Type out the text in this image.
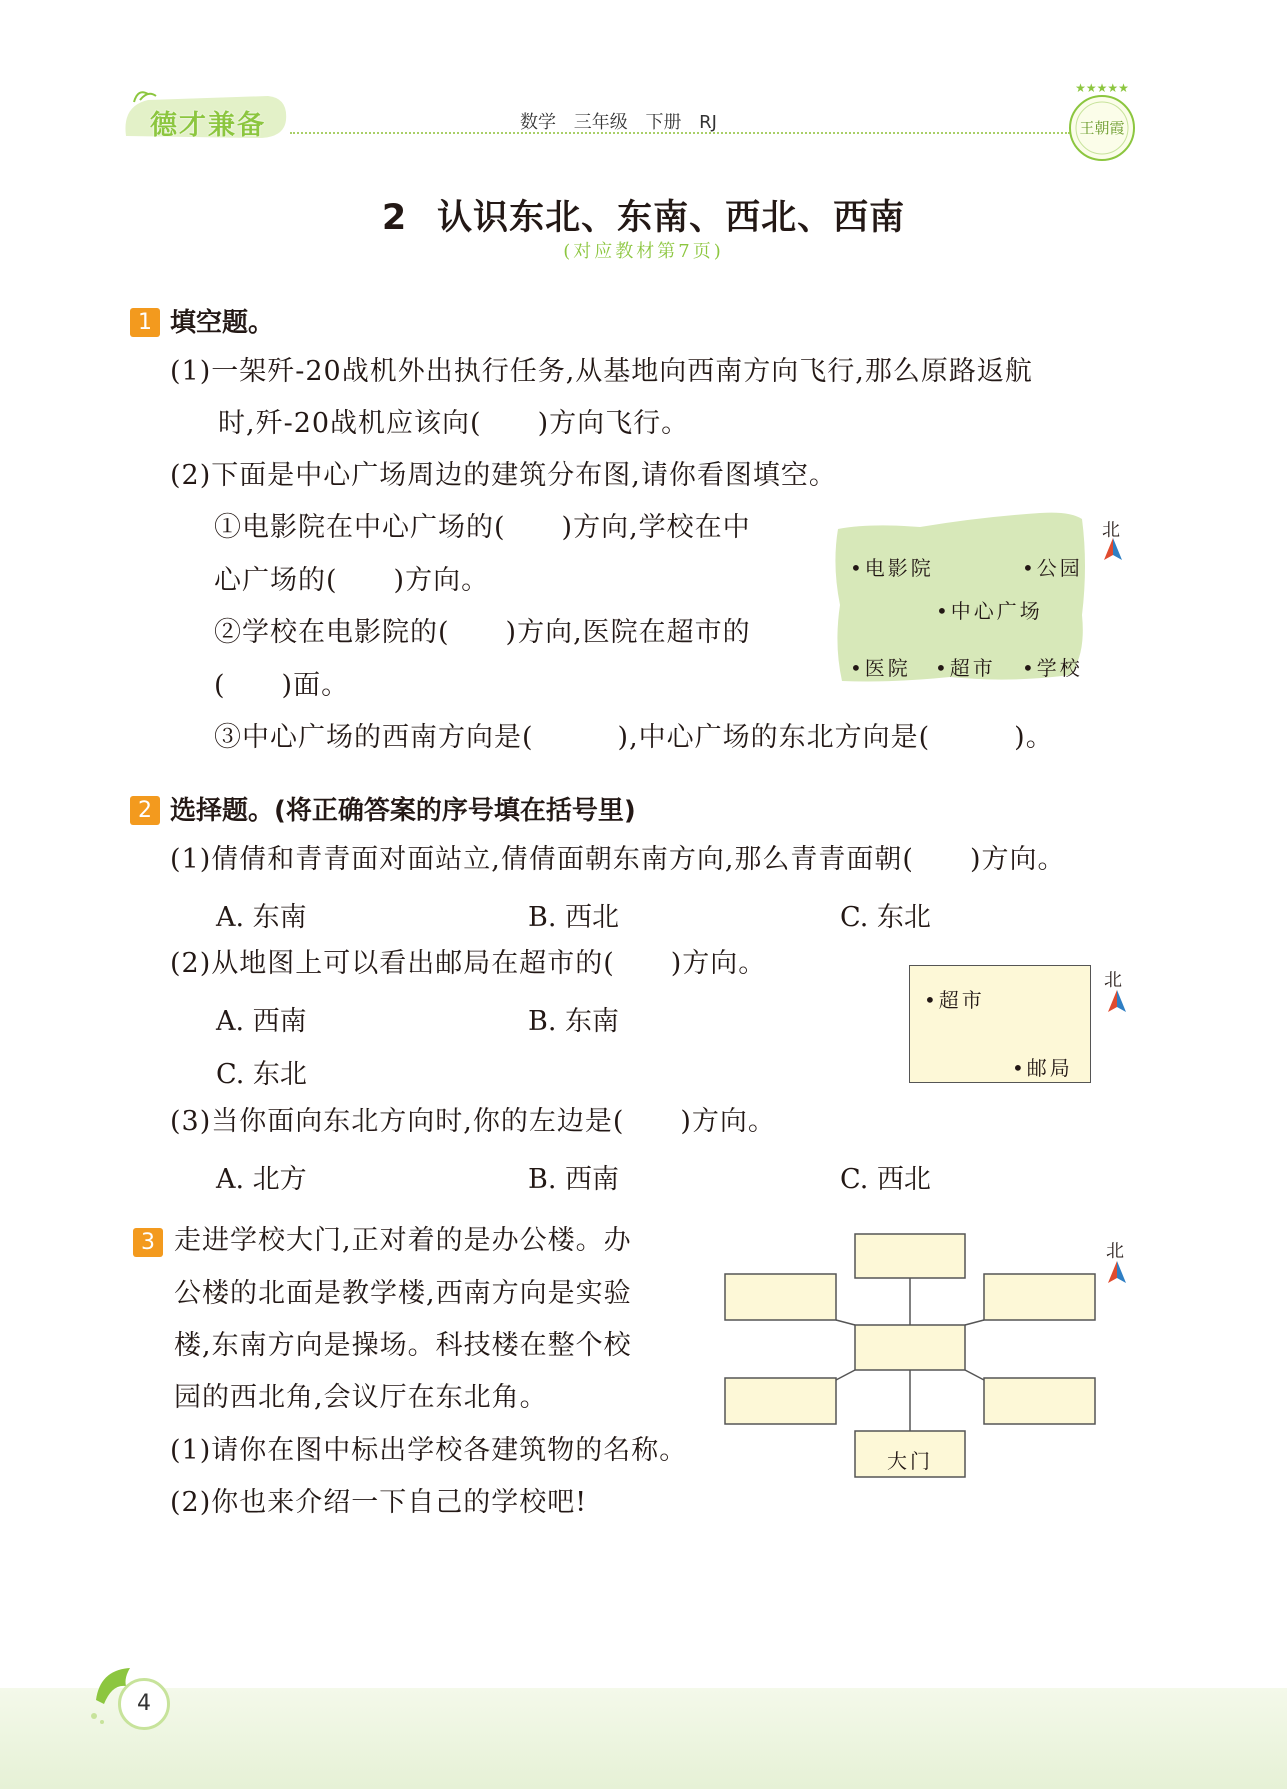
德才兼备	数学 三年级 下册 RJ
★★★★★
王朝霞
2 认识东北、东南、西北、西南
(对应教材第7页)
1 填空题。
(1)一架歼-20战机外出执行任务,从基地向西南方向飞行,那么原路返航
时,歼-20战机应该向(　　)方向飞行。
(2)下面是中心广场周边的建筑分布图,请你看图填空。
①电影院在中心广场的(　　)方向,学校在中
心广场的(　　)方向。
②学校在电影院的(　　)方向,医院在超市的
(　　)面。
③中心广场的西南方向是(　　　),中心广场的东北方向是(　　　)。
•电影院	•公园
•中心广场
•医院 •超市 •学校
北
2 选择题。(将正确答案的序号填在括号里)
(1)倩倩和青青面对面站立,倩倩面朝东南方向,那么青青面朝(　　)方向。
A. 东南	B. 西北	C. 东北
(2)从地图上可以看出邮局在超市的(　　)方向。
A. 西南	B. 东南
C. 东北
•超市
•邮局
北
(3)当你面向东北方向时,你的左边是(　　)方向。
A. 北方	B. 西南	C. 西北
3 走进学校大门,正对着的是办公楼。办
公楼的北面是教学楼,西南方向是实验
楼,东南方向是操场。科技楼在整个校
园的西北角,会议厅在东北角。
(1)请你在图中标出学校各建筑物的名称。
(2)你也来介绍一下自己的学校吧!
大门
北
4
